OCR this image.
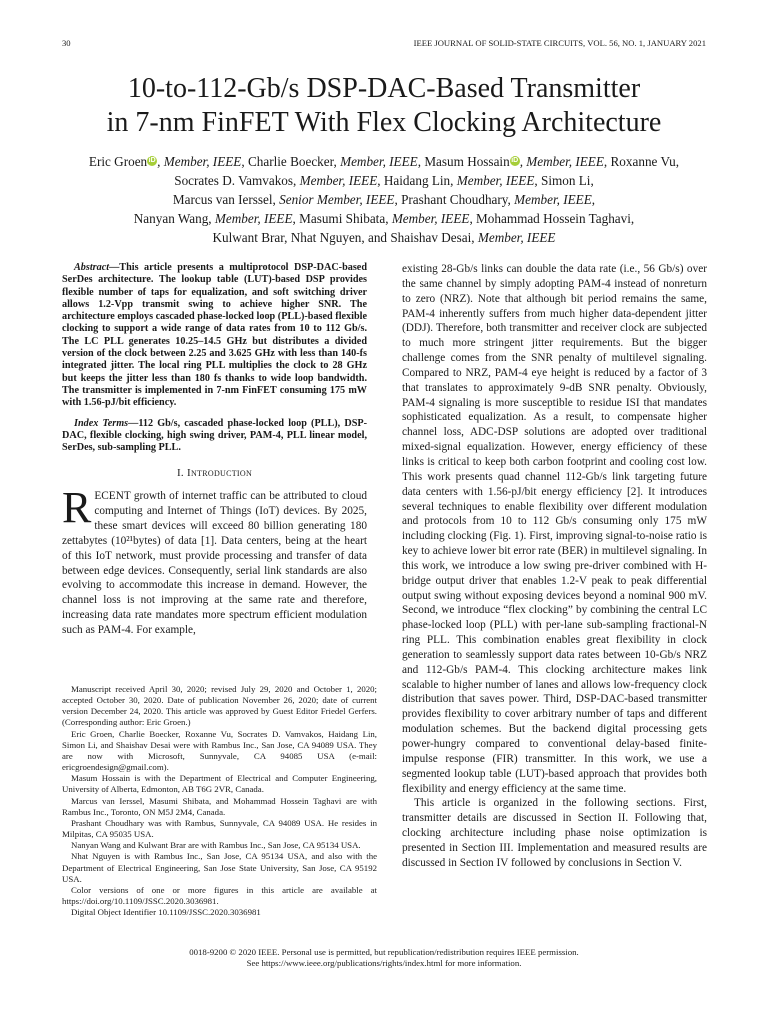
30	IEEE JOURNAL OF SOLID-STATE CIRCUITS, VOL. 56, NO. 1, JANUARY 2021
10-to-112-Gb/s DSP-DAC-Based Transmitter
in 7-nm FinFET With Flex Clocking Architecture
Eric Groen iD , Member, IEEE, Charlie Boecker, Member, IEEE, Masum Hossain iD , Member, IEEE, Roxanne Vu,
Socrates D. Vamvakos, Member, IEEE, Haidang Lin, Member, IEEE, Simon Li,
Marcus van Ierssel, Senior Member, IEEE, Prashant Choudhary, Member, IEEE,
Nanyan Wang, Member, IEEE, Masumi Shibata, Member, IEEE, Mohammad Hossein Taghavi,
Kulwant Brar, Nhat Nguyen, and Shaishav Desai, Member, IEEE

Abstract—This article presents a multiprotocol DSP-DAC-based SerDes architecture. The lookup table (LUT)-based DSP provides flexible number of taps for equalization, and soft switching driver allows 1.2-Vpp transmit swing to achieve higher SNR. The architecture employs cascaded phase-locked loop (PLL)-based flexible clocking to support a wide range of data rates from 10 to 112 Gb/s. The LC PLL generates 10.25–14.5 GHz but distributes a divided version of the clock between 2.25 and 3.625 GHz with less than 140-fs integrated jitter. The local ring PLL multiplies the clock to 28 GHz but keeps the jitter less than 180 fs thanks to wide loop bandwidth. The transmitter is implemented in 7-nm FinFET consuming 175 mW with 1.56-pJ/bit efficiency.

Index Terms—112 Gb/s, cascaded phase-locked loop (PLL), DSP-DAC, flexible clocking, high swing driver, PAM-4, PLL linear model, SerDes, sub-sampling PLL.

I. Introduction

RECENT growth of internet traffic can be attributed to cloud computing and Internet of Things (IoT) devices. By 2025, these smart devices will exceed 80 billion generating 180 zettabytes (10²¹bytes) of data [1]. Data centers, being at the heart of this IoT network, must provide processing and transfer of data between edge devices. Consequently, serial link standards are also evolving to accommodate this increase in demand. However, the channel loss is not improving at the same rate and therefore, increasing data rate mandates more spectrum efficient modulation such as PAM-4. For example,

Manuscript received April 30, 2020; revised July 29, 2020 and October 1, 2020; accepted October 30, 2020. Date of publication November 26, 2020; date of current version December 24, 2020. This article was approved by Guest Editor Friedel Gerfers. (Corresponding author: Eric Groen.)

Eric Groen, Charlie Boecker, Roxanne Vu, Socrates D. Vamvakos, Haidang Lin, Simon Li, and Shaishav Desai were with Rambus Inc., San Jose, CA 94089 USA. They are now with Microsoft, Sunnyvale, CA 94085 USA (e-mail: ericgroendesign@gmail.com).

Masum Hossain is with the Department of Electrical and Computer Engineering, University of Alberta, Edmonton, AB T6G 2VR, Canada.

Marcus van Ierssel, Masumi Shibata, and Mohammad Hossein Taghavi are with Rambus Inc., Toronto, ON M5J 2M4, Canada.

Prashant Choudhary was with Rambus, Sunnyvale, CA 94089 USA. He resides in Milpitas, CA 95035 USA.

Nanyan Wang and Kulwant Brar are with Rambus Inc., San Jose, CA 95134 USA.

Nhat Nguyen is with Rambus Inc., San Jose, CA 95134 USA, and also with the Department of Electrical Engineering, San Jose State University, San Jose, CA 95192 USA.

Color versions of one or more figures in this article are available at https://doi.org/10.1109/JSSC.2020.3036981.

Digital Object Identifier 10.1109/JSSC.2020.3036981

existing 28-Gb/s links can double the data rate (i.e., 56 Gb/s) over the same channel by simply adopting PAM-4 instead of nonreturn to zero (NRZ). Note that although bit period remains the same, PAM-4 inherently suffers from much higher data-dependent jitter (DDJ). Therefore, both transmitter and receiver clock are subjected to much more stringent jitter requirements. But the bigger challenge comes from the SNR penalty of multilevel signaling. Compared to NRZ, PAM-4 eye height is reduced by a factor of 3 that translates to approximately 9-dB SNR penalty. Obviously, PAM-4 signaling is more susceptible to residue ISI that mandates sophisticated equalization. As a result, to compensate higher channel loss, ADC-DSP solutions are adopted over traditional mixed-signal equalization. However, energy efficiency of these links is critical to keep both carbon footprint and cooling cost low. This work presents quad channel 112-Gb/s link targeting future data centers with 1.56-pJ/bit energy efficiency [2]. It introduces several techniques to enable flexibility over different modulation and protocols from 10 to 112 Gb/s consuming only 175 mW including clocking (Fig. 1). First, improving signal-to-noise ratio is key to achieve lower bit error rate (BER) in multilevel signaling. In this work, we introduce a low swing pre-driver combined with H-bridge output driver that enables 1.2-V peak to peak differential output swing without exposing devices beyond a nominal 900 mV. Second, we introduce “flex clocking” by combining the central LC phase-locked loop (PLL) with per-lane sub-sampling fractional-N ring PLL. This combination enables great flexibility in clock generation to seamlessly support data rates between 10-Gb/s NRZ and 112-Gb/s PAM-4. This clocking architecture makes link scalable to higher number of lanes and allows low-frequency clock distribution that saves power. Third, DSP-DAC-based transmitter provides flexibility to cover arbitrary number of taps and different modulation schemes. But the backend digital processing gets power-hungry compared to conventional delay-based finite-impulse response (FIR) transmitter. In this work, we use a segmented lookup table (LUT)-based approach that provides both flexibility and energy efficiency at the same time.

This article is organized in the following sections. First, transmitter details are discussed in Section II. Following that, clocking architecture including phase noise optimization is presented in Section III. Implementation and measured results are discussed in Section IV followed by conclusions in Section V.

0018-9200 © 2020 IEEE. Personal use is permitted, but republication/redistribution requires IEEE permission.
See https://www.ieee.org/publications/rights/index.html for more information.
